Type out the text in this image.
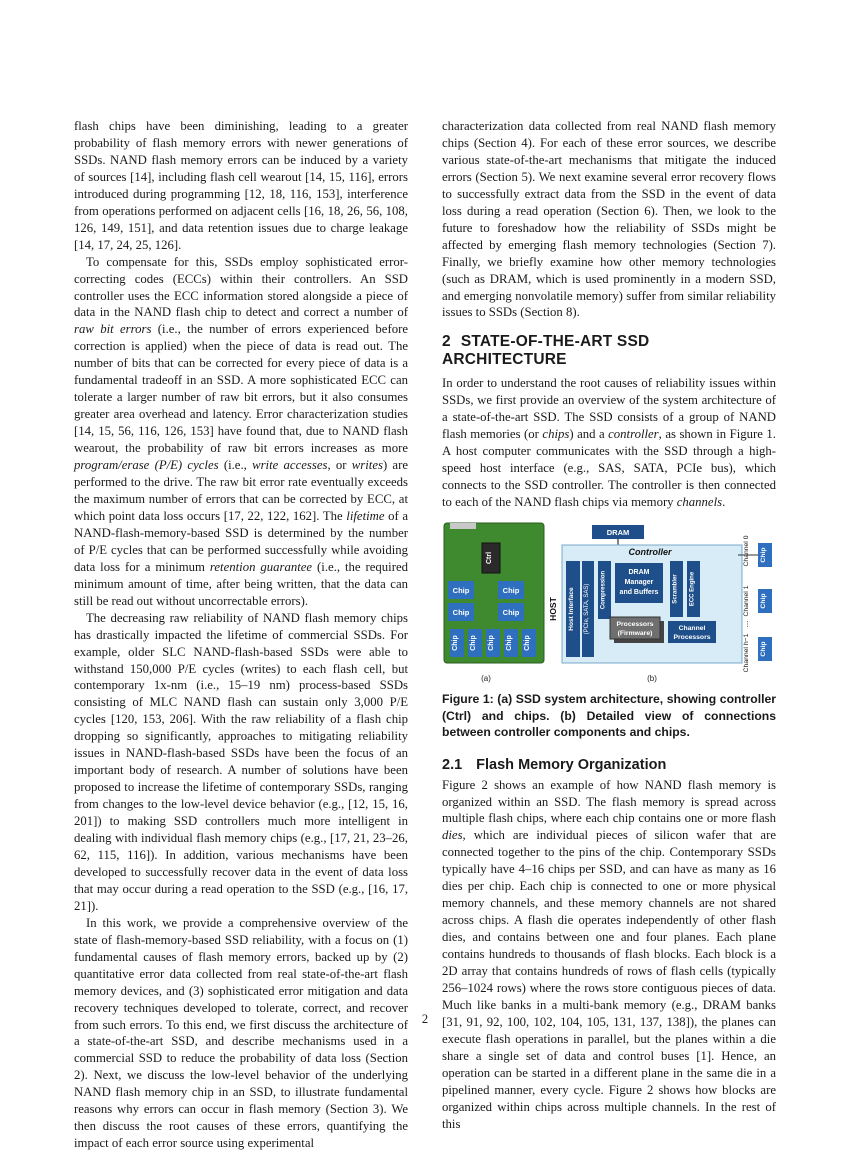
flash chips have been diminishing, leading to a greater probability of flash memory errors with newer generations of SSDs. NAND flash memory errors can be induced by a variety of sources [14], including flash cell wearout [14, 15, 116], errors introduced during programming [12, 18, 116, 153], interference from operations performed on adjacent cells [16, 18, 26, 56, 108, 126, 149, 151], and data retention issues due to charge leakage [14, 17, 24, 25, 126].

To compensate for this, SSDs employ sophisticated error-correcting codes (ECCs) within their controllers. An SSD controller uses the ECC information stored alongside a piece of data in the NAND flash chip to detect and correct a number of raw bit errors (i.e., the number of errors experienced before correction is applied) when the piece of data is read out. The number of bits that can be corrected for every piece of data is a fundamental tradeoff in an SSD. A more sophisticated ECC can tolerate a larger number of raw bit errors, but it also consumes greater area overhead and latency. Error characterization studies [14, 15, 56, 116, 126, 153] have found that, due to NAND flash wearout, the probability of raw bit errors increases as more program/erase (P/E) cycles (i.e., write accesses, or writes) are performed to the drive. The raw bit error rate eventually exceeds the maximum number of errors that can be corrected by ECC, at which point data loss occurs [17, 22, 122, 162]. The lifetime of a NAND-flash-memory-based SSD is determined by the number of P/E cycles that can be performed successfully while avoiding data loss for a minimum retention guarantee (i.e., the required minimum amount of time, after being written, that the data can still be read out without uncorrectable errors).

The decreasing raw reliability of NAND flash memory chips has drastically impacted the lifetime of commercial SSDs. For example, older SLC NAND-flash-based SSDs were able to withstand 150,000 P/E cycles (writes) to each flash cell, but contemporary 1x-nm (i.e., 15–19 nm) process-based SSDs consisting of MLC NAND flash can sustain only 3,000 P/E cycles [120, 153, 206]. With the raw reliability of a flash chip dropping so significantly, approaches to mitigating reliability issues in NAND-flash-based SSDs have been the focus of an important body of research. A number of solutions have been proposed to increase the lifetime of contemporary SSDs, ranging from changes to the low-level device behavior (e.g., [12, 15, 16, 201]) to making SSD controllers much more intelligent in dealing with individual flash memory chips (e.g., [17, 21, 23–26, 62, 115, 116]). In addition, various mechanisms have been developed to successfully recover data in the event of data loss that may occur during a read operation to the SSD (e.g., [16, 17, 21]).

In this work, we provide a comprehensive overview of the state of flash-memory-based SSD reliability, with a focus on (1) fundamental causes of flash memory errors, backed up by (2) quantitative error data collected from real state-of-the-art flash memory devices, and (3) sophisticated error mitigation and data recovery techniques developed to tolerate, correct, and recover from such errors. To this end, we first discuss the architecture of a state-of-the-art SSD, and describe mechanisms used in a commercial SSD to reduce the probability of data loss (Section 2). Next, we discuss the low-level behavior of the underlying NAND flash memory chip in an SSD, to illustrate fundamental reasons why errors can occur in flash memory (Section 3). We then discuss the root causes of these errors, quantifying the impact of each error source using experimental

characterization data collected from real NAND flash memory chips (Section 4). For each of these error sources, we describe various state-of-the-art mechanisms that mitigate the induced errors (Section 5). We next examine several error recovery flows to successfully extract data from the SSD in the event of data loss during a read operation (Section 6). Then, we look to the future to foreshadow how the reliability of SSDs might be affected by emerging flash memory technologies (Section 7). Finally, we briefly examine how other memory technologies (such as DRAM, which is used prominently in a modern SSD, and emerging nonvolatile memory) suffer from similar reliability issues to SSDs (Section 8).

2 STATE-OF-THE-ART SSD ARCHITECTURE

In order to understand the root causes of reliability issues within SSDs, we first provide an overview of the system architecture of a state-of-the-art SSD. The SSD consists of a group of NAND flash memories (or chips) and a controller, as shown in Figure 1. A host computer communicates with the SSD through a high-speed host interface (e.g., SAS, SATA, PCIe bus), which connects to the SSD controller. The controller is then connected to each of the NAND flash chips via memory channels.

Ctrl
Chip
Chip
Chip
Chip
Chip Chip Chip Chip Chip
(a)
HOST
DRAM
Controller
Host Interface (PCIe, SATA, SAS) Compression	DRAM
Manager
and Buffers
Processors
(Firmware)
Scrambler ECC Engine
Channel
Processors
Channel 0
Channel 1
...
Channel h−1
Chip
Chip
Chip
(b)

Figure 1: (a) SSD system architecture, showing controller (Ctrl) and chips. (b) Detailed view of connections between controller components and chips.

2.1 Flash Memory Organization

Figure 2 shows an example of how NAND flash memory is organized within an SSD. The flash memory is spread across multiple flash chips, where each chip contains one or more flash dies, which are individual pieces of silicon wafer that are connected together to the pins of the chip. Contemporary SSDs typically have 4–16 chips per SSD, and can have as many as 16 dies per chip. Each chip is connected to one or more physical memory channels, and these memory channels are not shared across chips. A flash die operates independently of other flash dies, and contains between one and four planes. Each plane contains hundreds to thousands of flash blocks. Each block is a 2D array that contains hundreds of rows of flash cells (typically 256–1024 rows) where the rows store contiguous pieces of data. Much like banks in a multi-bank memory (e.g., DRAM banks [31, 91, 92, 100, 102, 104, 105, 131, 137, 138]), the planes can execute flash operations in parallel, but the planes within a die share a single set of data and control buses [1]. Hence, an operation can be started in a different plane in the same die in a pipelined manner, every cycle. Figure 2 shows how blocks are organized within chips across multiple channels. In the rest of this

2
